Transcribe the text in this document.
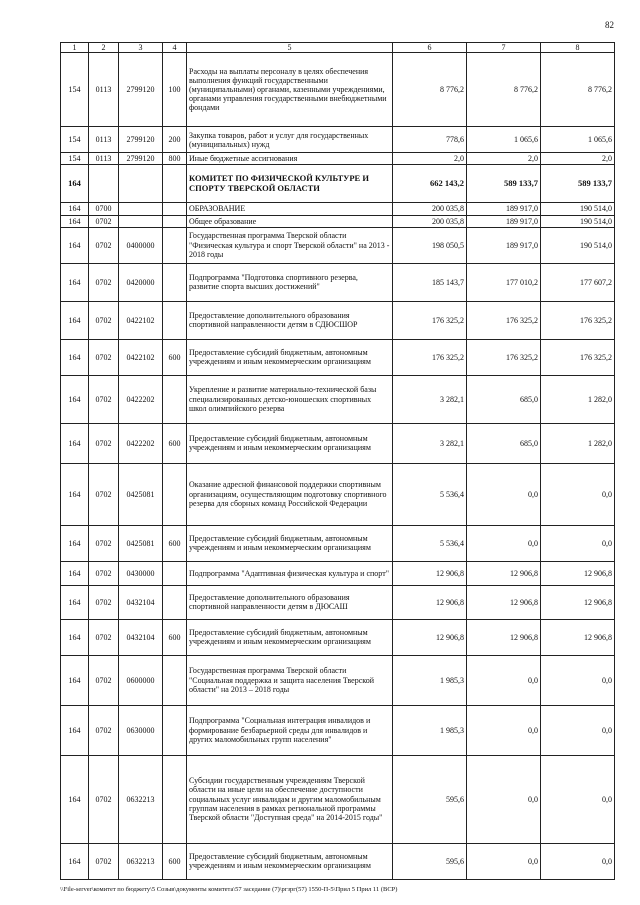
82
1	2	3	4	5	6	7	8
154	0113	2799120	100	Расходы на выплаты персоналу в целях обеспечения выполнения функций государственными (муниципальными) органами, казенными учреждениями, органами управления государственными внебюджетными фондами	8 776,2	8 776,2	8 776,2
154	0113	2799120	200	Закупка товаров, работ и услуг для государственных (муниципальных) нужд	778,6	1 065,6	1 065,6
154	0113	2799120	800	Иные бюджетные ассигнования	2,0	2,0	2,0
164				КОМИТЕТ ПО ФИЗИЧЕСКОЙ КУЛЬТУРЕ И СПОРТУ ТВЕРСКОЙ ОБЛАСТИ	662 143,2	589 133,7	589 133,7
164	0700			ОБРАЗОВАНИЕ	200 035,8	189 917,0	190 514,0
164	0702			Общее образование	200 035,8	189 917,0	190 514,0
164	0702	0400000		Государственная программа Тверской области "Физическая культура и спорт Тверской области" на 2013 - 2018 годы	198 050,5	189 917,0	190 514,0
164	0702	0420000		Подпрограмма "Подготовка спортивного резерва, развитие спорта высших достижений"	185 143,7	177 010,2	177 607,2
164	0702	0422102		Предоставление дополнительного образования спортивной направленности детям в СДЮСШОР	176 325,2	176 325,2	176 325,2
164	0702	0422102	600	Предоставление субсидий бюджетным, автономным учреждениям и иным некоммерческим организациям	176 325,2	176 325,2	176 325,2
164	0702	0422202		Укрепление и развитие материально-технической базы специализированных детско-юношеских спортивных школ олимпийского резерва	3 282,1	685,0	1 282,0
164	0702	0422202	600	Предоставление субсидий бюджетным, автономным учреждениям и иным некоммерческим организациям	3 282,1	685,0	1 282,0
164	0702	0425081		Оказание адресной финансовой поддержки спортивным организациям, осуществляющим подготовку спортивного резерва для сборных команд Российской Федерации	5 536,4	0,0	0,0
164	0702	0425081	600	Предоставление субсидий бюджетным, автономным учреждениям и иным некоммерческим организациям	5 536,4	0,0	0,0
164	0702	0430000		Подпрограмма "Адаптивная физическая культура и спорт"	12 906,8	12 906,8	12 906,8
164	0702	0432104		Предоставление дополнительного образования спортивной направленности детям в ДЮСАШ	12 906,8	12 906,8	12 906,8
164	0702	0432104	600	Предоставление субсидий бюджетным, автономным учреждениям и иным некоммерческим организациям	12 906,8	12 906,8	12 906,8
164	0702	0600000		Государственная программа Тверской области "Социальная поддержка и защита населения Тверской области" на 2013 – 2018 годы	1 985,3	0,0	0,0
164	0702	0630000		Подпрограмма "Социальная интеграция инвалидов и формирование безбарьерной среды для инвалидов и других маломобильных групп населения"	1 985,3	0,0	0,0
164	0702	0632213		Субсидии государственным учреждениям Тверской области на иные цели на обеспечение доступности социальных услуг инвалидам и другим маломобильным группам населения в рамках региональной программы Тверской области "Доступная среда" на 2014-2015 годы"	595,6	0,0	0,0
164	0702	0632213	600	Предоставление субсидий бюджетным, автономным учреждениям и иным некоммерческим организациям	595,6	0,0	0,0
\\File-server\комитет по бюджету\5 Созыв\документы комитета\57 заседание (7)\ргзрг(57) 1550-П-5\Прил 5 Прил 11 (ВСР)
